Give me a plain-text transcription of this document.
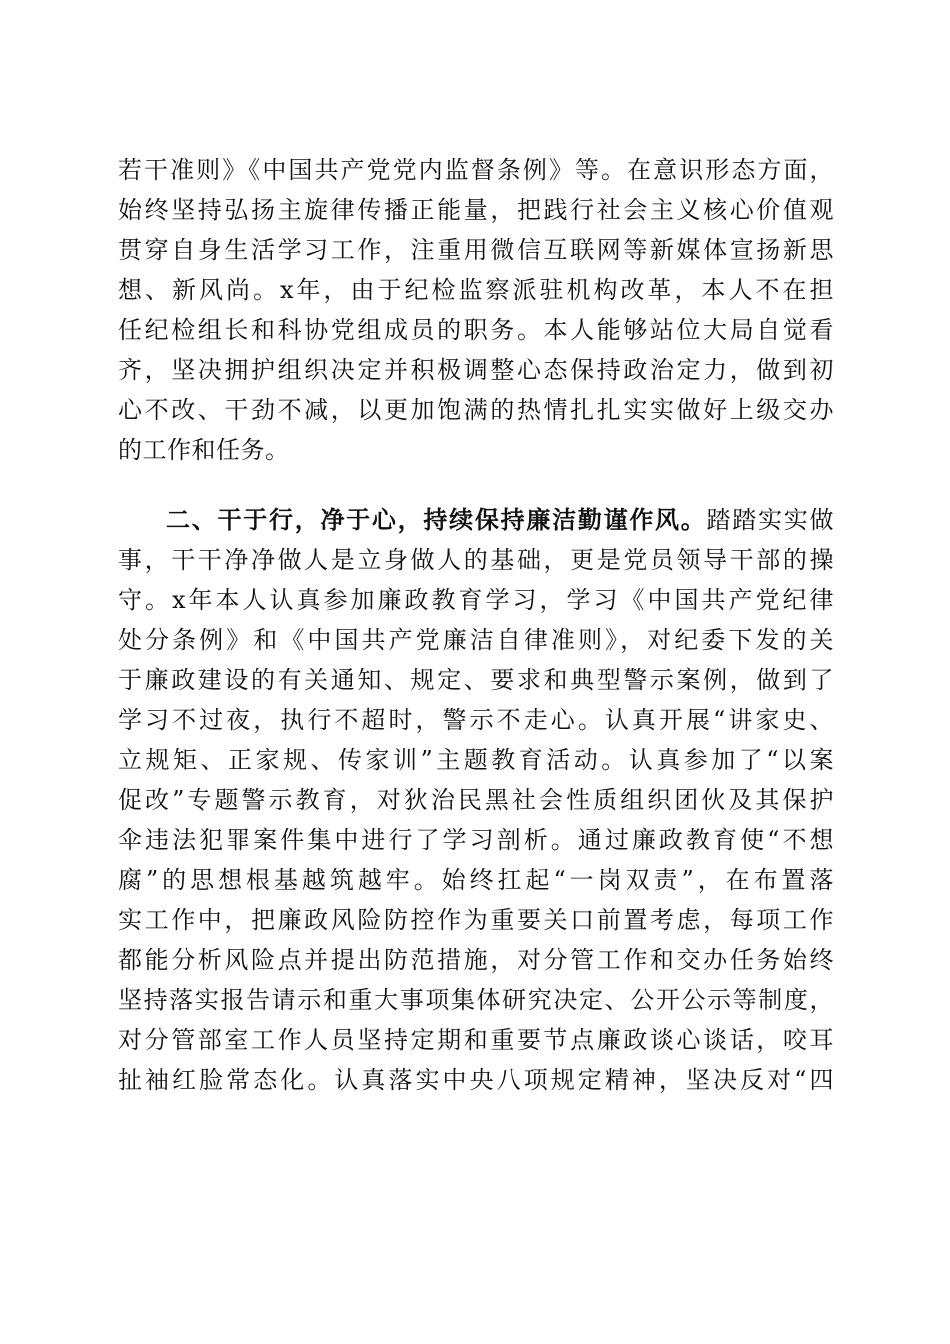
若干准则》《中国共产党党内监督条例》等。在意识形态方面，
始终坚持弘扬主旋律传播正能量，把践行社会主义核心价值观
贯穿自身生活学习工作，注重用微信互联网等新媒体宣扬新思
想、新风尚。x年，由于纪检监察派驻机构改革，本人不在担
任纪检组长和科协党组成员的职务。本人能够站位大局自觉看
齐，坚决拥护组织决定并积极调整心态保持政治定力，做到初
心不改、干劲不减，以更加饱满的热情扎扎实实做好上级交办
的工作和任务。
二、干于行，净于心，持续保持廉洁勤谨作风。踏踏实实做
事，干干净净做人是立身做人的基础，更是党员领导干部的操
守。x年本人认真参加廉政教育学习，学习《中国共产党纪律
处分条例》和《中国共产党廉洁自律准则》，对纪委下发的关
于廉政建设的有关通知、规定、要求和典型警示案例，做到了
学习不过夜，执行不超时，警示不走心。认真开展“讲家史、
立规矩、正家规、传家训”主题教育活动。认真参加了“以案
促改”专题警示教育，对狄治民黑社会性质组织团伙及其保护
伞违法犯罪案件集中进行了学习剖析。通过廉政教育使“不想
腐”的思想根基越筑越牢。始终扛起“一岗双责”，在布置落
实工作中，把廉政风险防控作为重要关口前置考虑，每项工作
都能分析风险点并提出防范措施，对分管工作和交办任务始终
坚持落实报告请示和重大事项集体研究决定、公开公示等制度，
对分管部室工作人员坚持定期和重要节点廉政谈心谈话，咬耳
扯袖红脸常态化。认真落实中央八项规定精神，坚决反对“四
